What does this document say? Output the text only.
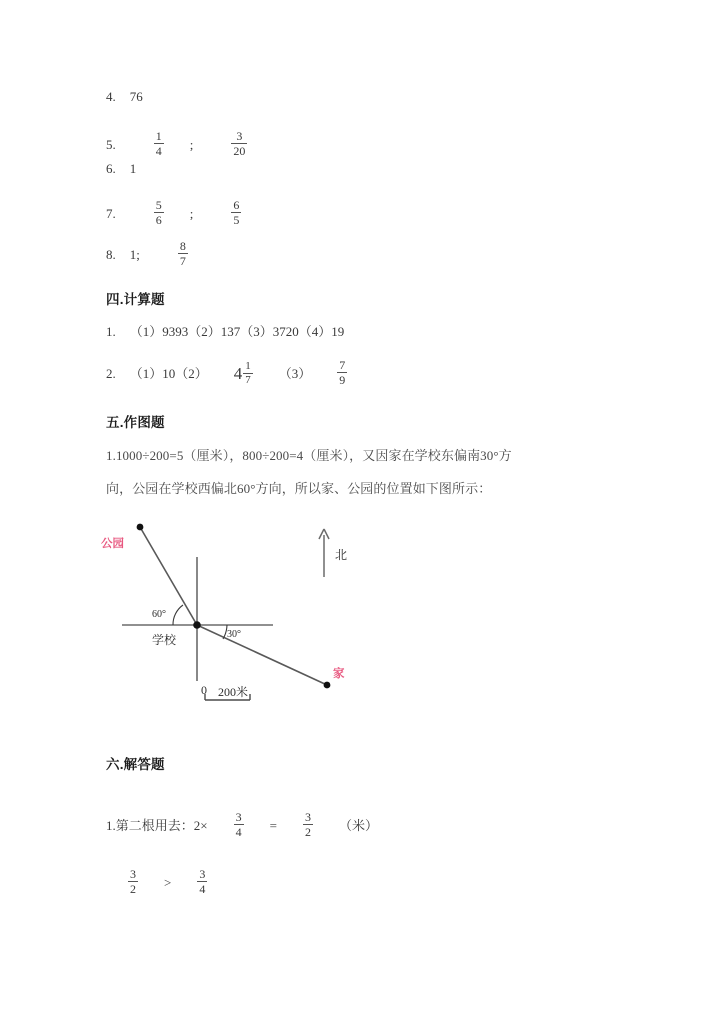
4. 76
5.	$\frac{1}{4}$ ;	$\frac{3}{20}$
6. 1
7.	$\frac{5}{6}$ ;	$\frac{6}{5}$
8. 1;	$\frac{8}{7}$
四.计算题
1. （1）9393（2）137（3）3720（4）19
2. （1）10（2） $4 \frac{1}{7} (3) \frac{7}{9}$
五.作图题
1.1000÷200=5（厘米），800÷200=4（厘米），又因家在学校东偏南30°方
向，公园在学校西偏北60°方向，所以家、公园的位置如下图所示：
公园
学校
家
北
60°
30°
0 200米
六.解答题
1. 第二根用去：$2\times \frac{3}{4} = \frac{3}{2}$ （米）
$\frac{3}{2} > \frac{3}{4}$
